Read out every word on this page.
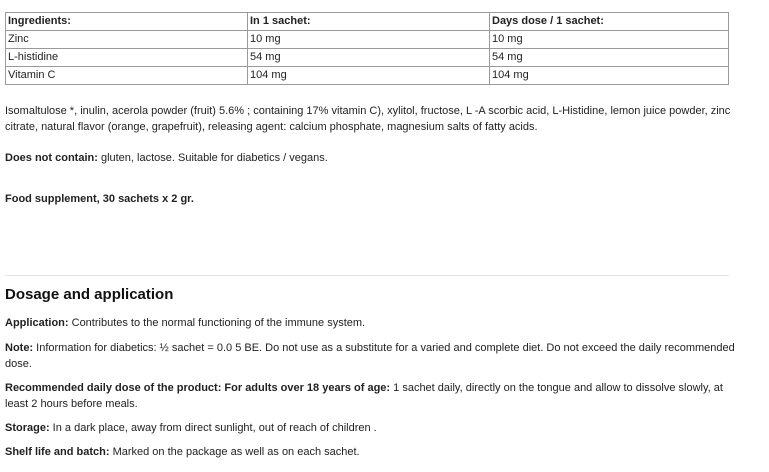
Ingredients:	In 1 sachet:	Days dose / 1 sachet:
Zinc	10 mg	10 mg
L-histidine	54 mg	54 mg
Vitamin C	104 mg	104 mg

Isomaltulose *, inulin, acerola powder (fruit) 5.6% ; containing 17% vitamin C), xylitol, fructose, L -A scorbic acid, L-Histidine, lemon juice powder, zinc citrate, natural flavor (orange, grapefruit), releasing agent: calcium phosphate, magnesium salts of fatty acids.

Does not contain: gluten, lactose. Suitable for diabetics / vegans.

Food supplement, 30 sachets x 2 gr.

Dosage and application

Application: Contributes to the normal functioning of the immune system.

Note: Information for diabetics: ½ sachet = 0.0 5 BE. Do not use as a substitute for a varied and complete diet. Do not exceed the daily recommended dose.

Recommended daily dose of the product: For adults over 18 years of age: 1 sachet daily, directly on the tongue and allow to dissolve slowly, at least 2 hours before meals.

Storage: In a dark place, away from direct sunlight, out of reach of children .

Shelf life and batch: Marked on the package as well as on each sachet.
